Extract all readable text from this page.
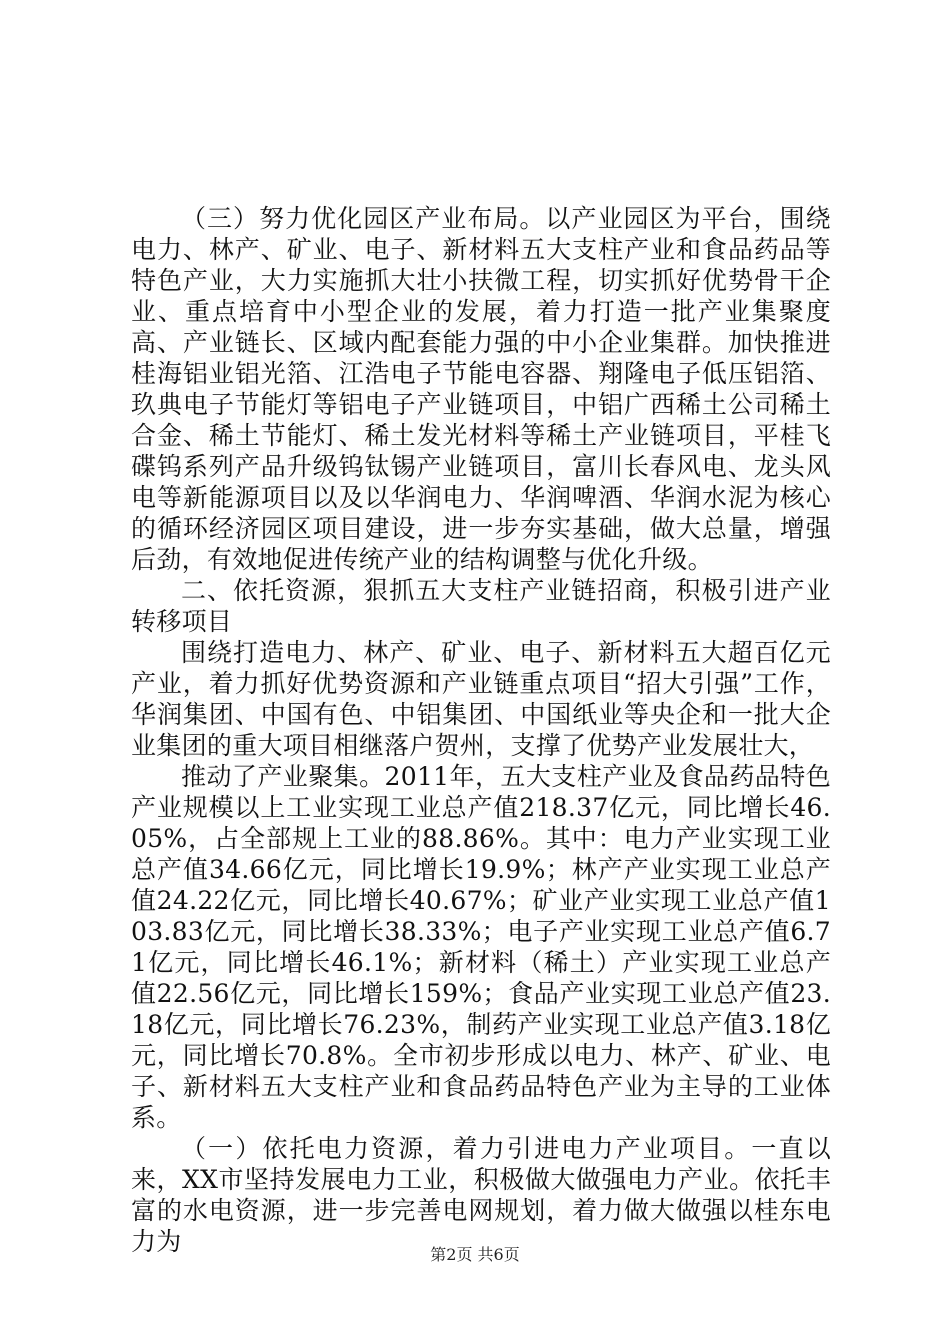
（三）努力优化园区产业布局。以产业园区为平台，围绕电力、林产、矿业、电子、新材料五大支柱产业和食品药品等特色产业，大力实施抓大壮小扶微工程，切实抓好优势骨干企业、重点培育中小型企业的发展，着力打造一批产业集聚度高、产业链长、区域内配套能力强的中小企业集群。加快推进桂海铝业铝光箔、江浩电子节能电容器、翔隆电子低压铝箔、玖典电子节能灯等铝电子产业链项目，中铝广西稀土公司稀土合金、稀土节能灯、稀土发光材料等稀土产业链项目，平桂飞碟钨系列产品升级钨钛锡产业链项目，富川长春风电、龙头风电等新能源项目以及以华润电力、华润啤酒、华润水泥为核心的循环经济园区项目建设，进一步夯实基础，做大总量，增强后劲，有效地促进传统产业的结构调整与优化升级。

二、依托资源，狠抓五大支柱产业链招商，积极引进产业转移项目

围绕打造电力、林产、矿业、电子、新材料五大超百亿元产业，着力抓好优势资源和产业链重点项目“招大引强”工作，华润集团、中国有色、中铝集团、中国纸业等央企和一批大企业集团的重大项目相继落户贺州，支撑了优势产业发展壮大，

推动了产业聚集。2011年，五大支柱产业及食品药品特色产业规模以上工业实现工业总产值218.37亿元，同比增长46.05%，占全部规上工业的88.86%。其中：电力产业实现工业总产值34.66亿元，同比增长19.9%；林产产业实现工业总产值24.22亿元，同比增长40.67%；矿业产业实现工业总产值103.83亿元，同比增长38.33%；电子产业实现工业总产值6.71亿元，同比增长46.1%；新材料（稀土）产业实现工业总产值22.56亿元，同比增长159%；食品产业实现工业总产值23.18亿元，同比增长76.23%，制药产业实现工业总产值3.18亿元，同比增长70.8%。全市初步形成以电力、林产、矿业、电子、新材料五大支柱产业和食品药品特色产业为主导的工业体系。

（一）依托电力资源，着力引进电力产业项目。一直以来，XX市坚持发展电力工业，积极做大做强电力产业。依托丰富的水电资源，进一步完善电网规划，着力做大做强以桂东电力为	第2页 共6页
